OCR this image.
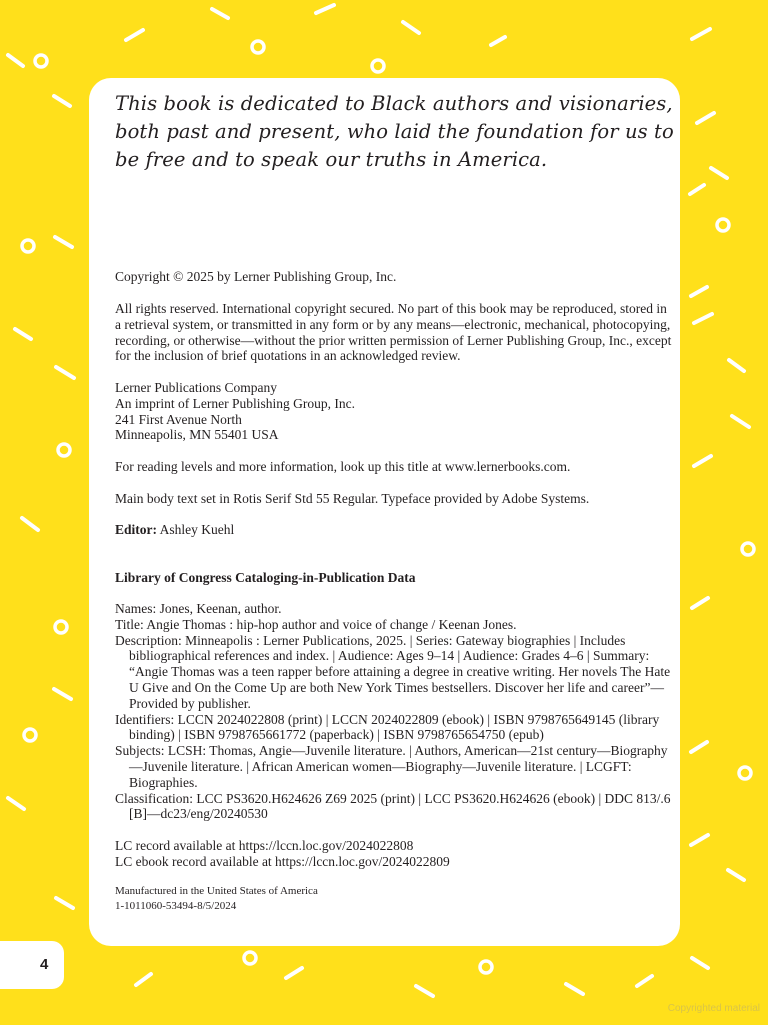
This book is dedicated to Black authors and visionaries, both past and present, who laid the foundation for us to be free and to speak our truths in America.

Copyright © 2025 by Lerner Publishing Group, Inc.

All rights reserved. International copyright secured. No part of this book may be reproduced, stored in a retrieval system, or transmitted in any form or by any means—electronic, mechanical, photocopying, recording, or otherwise—without the prior written permission of Lerner Publishing Group, Inc., except for the inclusion of brief quotations in an acknowledged review.

Lerner Publications Company
An imprint of Lerner Publishing Group, Inc.
241 First Avenue North
Minneapolis, MN 55401 USA

For reading levels and more information, look up this title at www.lernerbooks.com.

Main body text set in Rotis Serif Std 55 Regular. Typeface provided by Adobe Systems.

Editor: Ashley Kuehl

Library of Congress Cataloging-in-Publication Data

Names: Jones, Keenan, author.
Title: Angie Thomas : hip-hop author and voice of change / Keenan Jones.
Description: Minneapolis : Lerner Publications, 2025. | Series: Gateway biographies | Includes bibliographical references and index. | Audience: Ages 9–14 | Audience: Grades 4–6 | Summary: “Angie Thomas was a teen rapper before attaining a degree in creative writing. Her novels The Hate U Give and On the Come Up are both New York Times bestsellers. Discover her life and career”— Provided by publisher.
Identifiers: LCCN 2024022808 (print) | LCCN 2024022809 (ebook) | ISBN 9798765649145 (library binding) | ISBN 9798765661772 (paperback) | ISBN 9798765654750 (epub)
Subjects: LCSH: Thomas, Angie—Juvenile literature. | Authors, American—21st century—Biography—Juvenile literature. | African American women—Biography—Juvenile literature. | LCGFT: Biographies.
Classification: LCC PS3620.H624626 Z69 2025 (print) | LCC PS3620.H624626 (ebook) | DDC 813/.6 [B]—dc23/eng/20240530

LC record available at https://lccn.loc.gov/2024022808
LC ebook record available at https://lccn.loc.gov/2024022809

Manufactured in the United States of America
1-1011060-53494-8/5/2024
4
Copyrighted material
